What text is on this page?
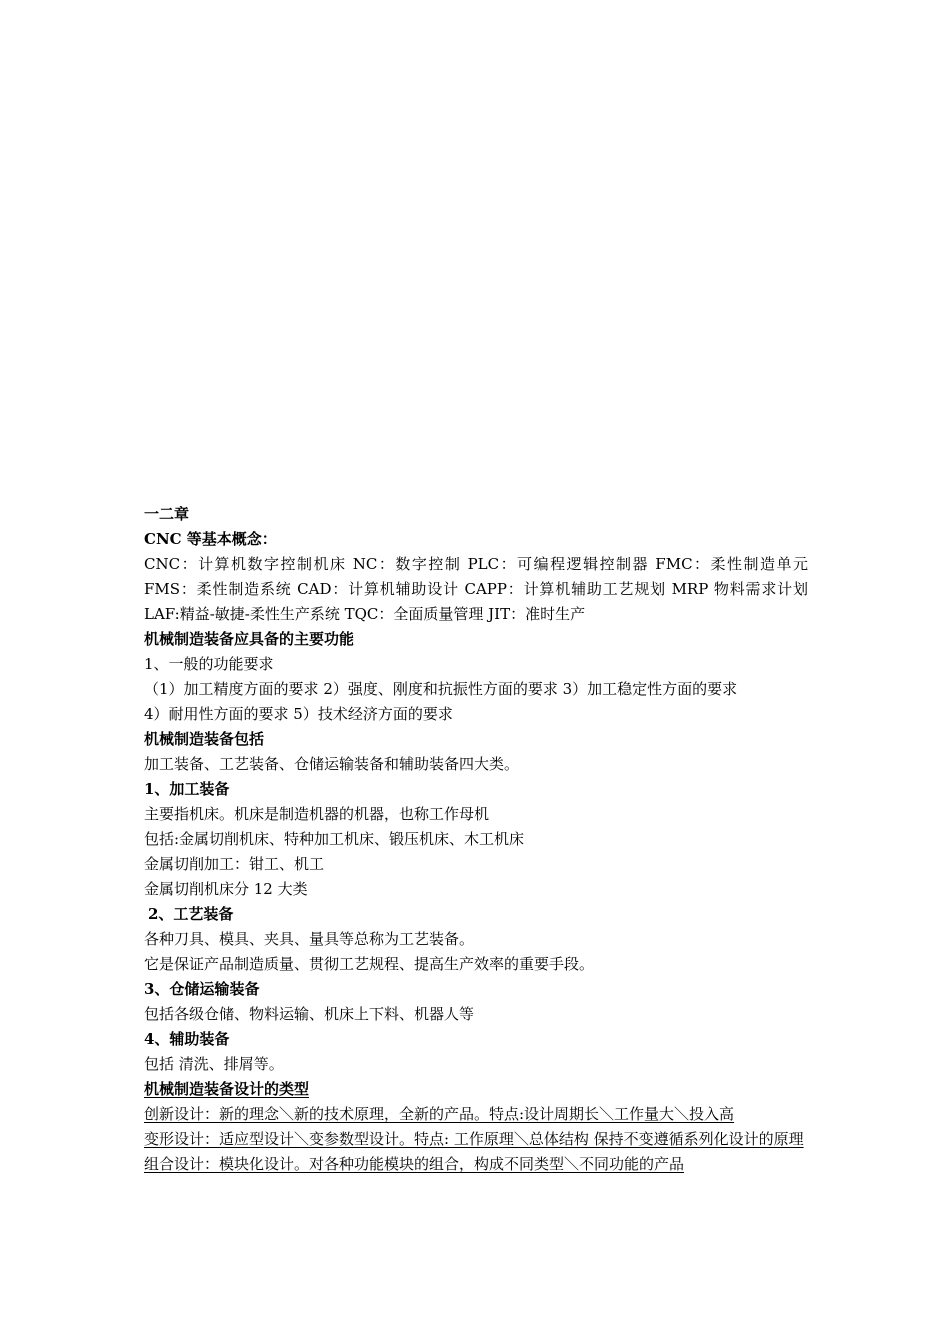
一二章
CNC 等基本概念：
CNC：计算机数字控制机床 NC：数字控制 PLC：可编程逻辑控制器 FMC：柔性制造单元 FMS：柔性制造系统 CAD：计算机辅助设计 CAPP：计算机辅助工艺规划 MRP 物料需求计划 LAF:精益-敏捷-柔性生产系统 TQC：全面质量管理 JIT：准时生产
机械制造装备应具备的主要功能
1、一般的功能要求
（1）加工精度方面的要求 2）强度、刚度和抗振性方面的要求 3）加工稳定性方面的要求
4）耐用性方面的要求 5）技术经济方面的要求
机械制造装备包括
加工装备、工艺装备、仓储运输装备和辅助装备四大类。
1、加工装备
主要指机床。机床是制造机器的机器，也称工作母机
包括:金属切削机床、特种加工机床、锻压机床、木工机床
金属切削加工：钳工、机工
金属切削机床分 12 大类
2、工艺装备
各种刀具、模具、夹具、量具等总称为工艺装备。
它是保证产品制造质量、贯彻工艺规程、提高生产效率的重要手段。
3、仓储运输装备
包括各级仓储、物料运输、机床上下料、机器人等
4、辅助装备
包括 清洗、排屑等。
机械制造装备设计的类型
创新设计：新的理念＼新的技术原理，全新的产品。特点:设计周期长＼工作量大＼投入高
变形设计：适应型设计＼变参数型设计。特点: 工作原理＼总体结构 保持不变遵循系列化设计的原理
组合设计：模块化设计。对各种功能模块的组合，构成不同类型＼不同功能的产品
